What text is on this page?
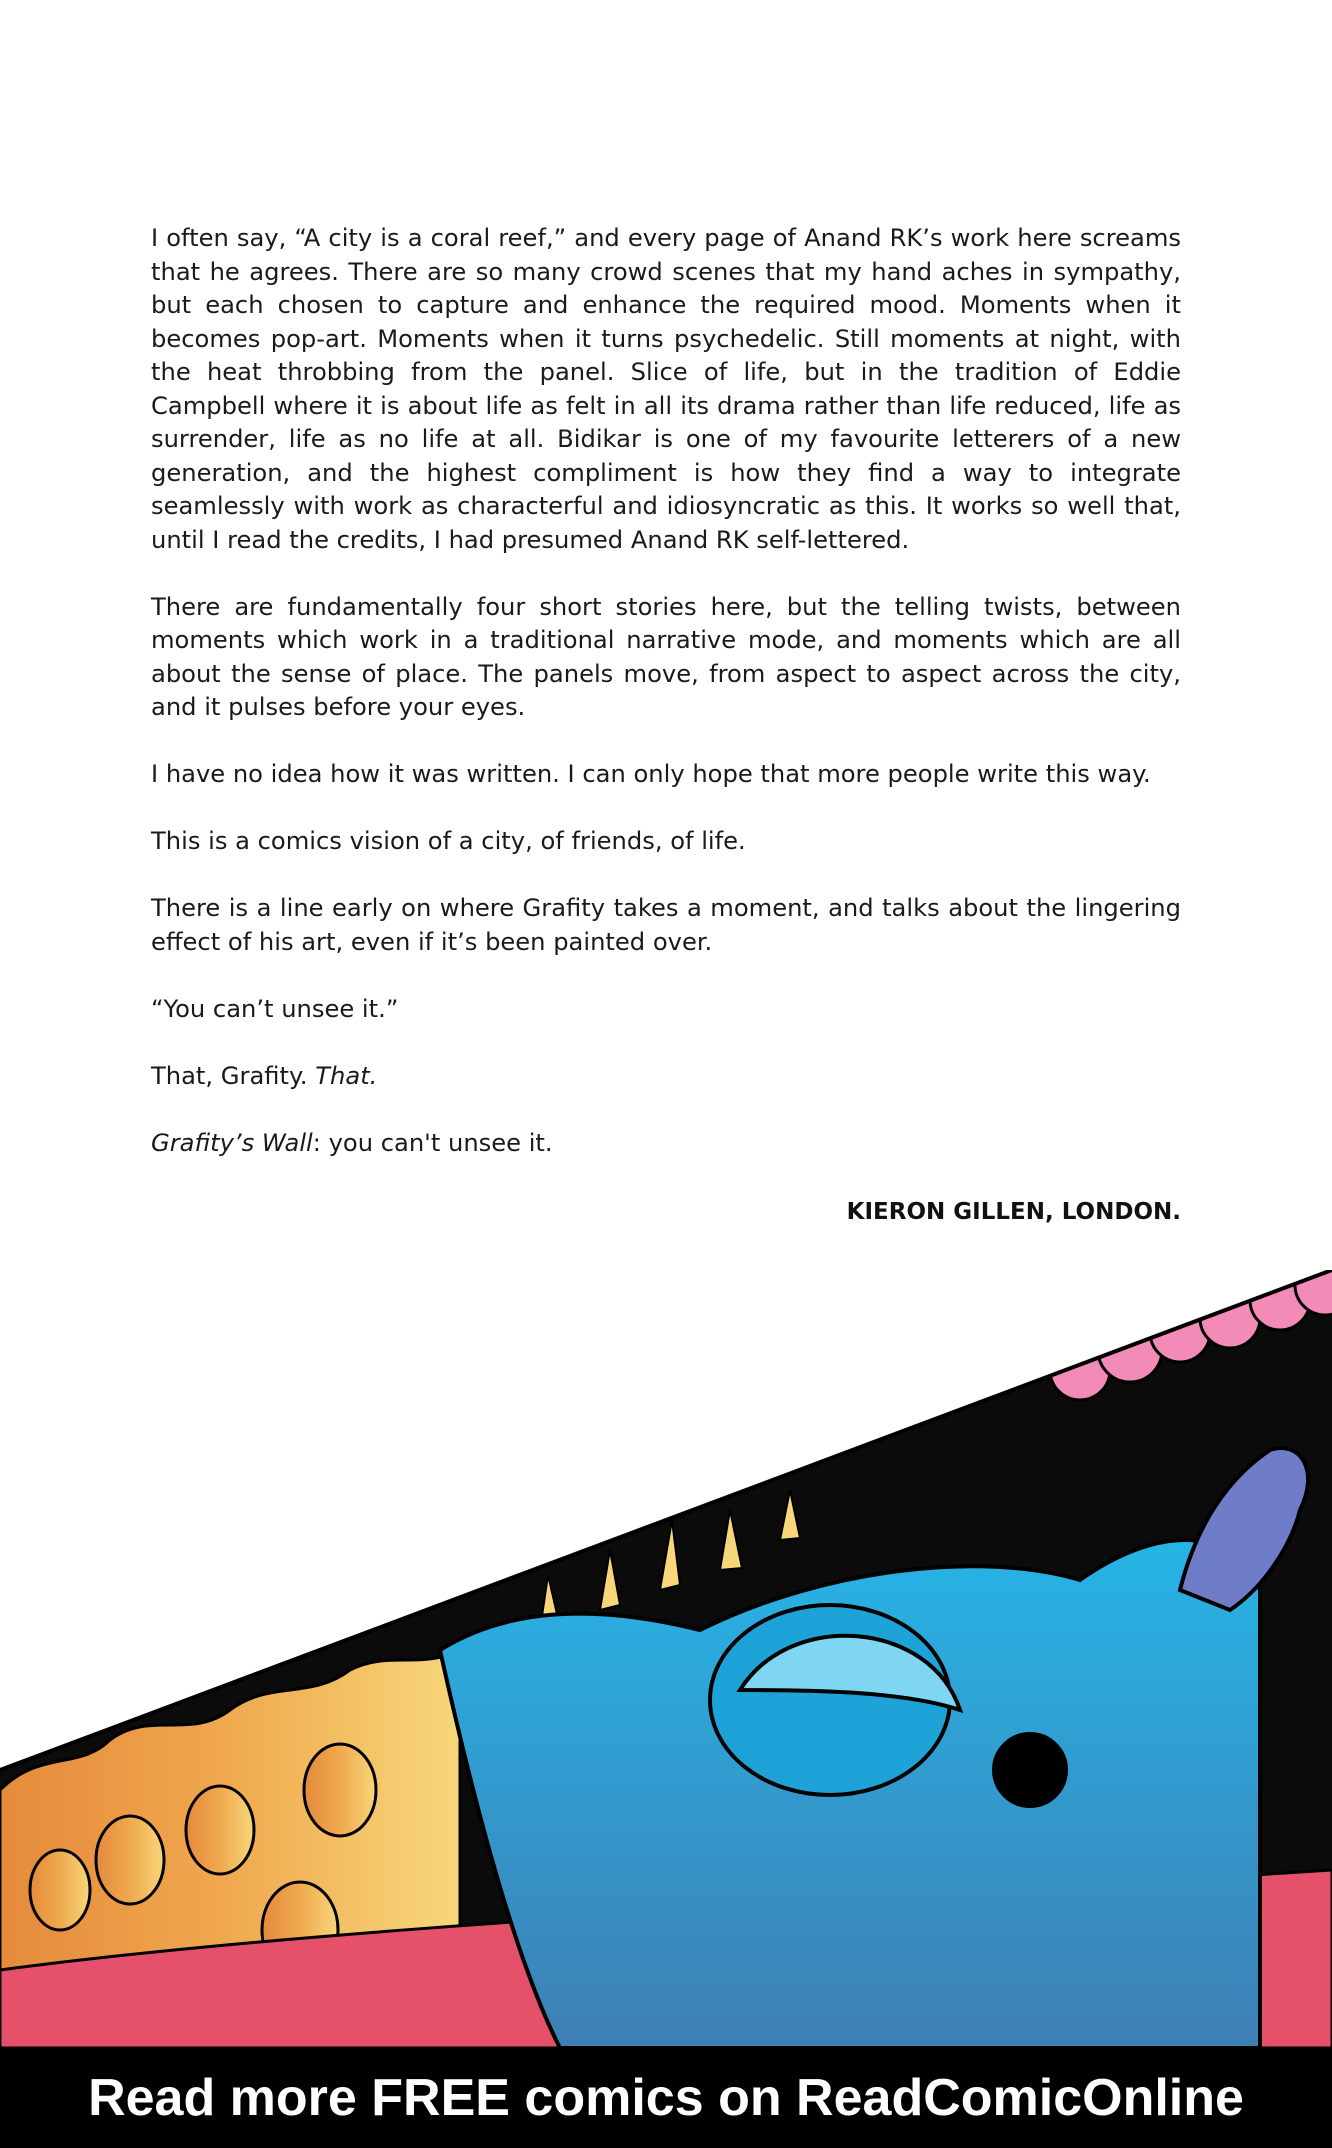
I often say, “A city is a coral reef,” and every page of Anand RK’s work here screams that he agrees. There are so many crowd scenes that my hand aches in sympathy, but each chosen to capture and enhance the required mood. Moments when it becomes pop-art. Moments when it turns psychedelic. Still moments at night, with the heat throbbing from the panel. Slice of life, but in the tradition of Eddie Campbell where it is about life as felt in all its drama rather than life reduced, life as surrender, life as no life at all. Bidikar is one of my favourite letterers of a new generation, and the highest compliment is how they find a way to integrate seamlessly with work as characterful and idiosyncratic as this. It works so well that, until I read the credits, I had presumed Anand RK self-lettered.

There are fundamentally four short stories here, but the telling twists, between moments which work in a traditional narrative mode, and moments which are all about the sense of place. The panels move, from aspect to aspect across the city, and it pulses before your eyes.

I have no idea how it was written. I can only hope that more people write this way.

This is a comics vision of a city, of friends, of life.

There is a line early on where Grafity takes a moment, and talks about the lingering effect of his art, even if it’s been painted over.

“You can’t unsee it.”

That, Grafity. That.

Grafity’s Wall: you can't unsee it.

KIERON GILLEN, LONDON.
Read more FREE comics on ReadComicOnline
